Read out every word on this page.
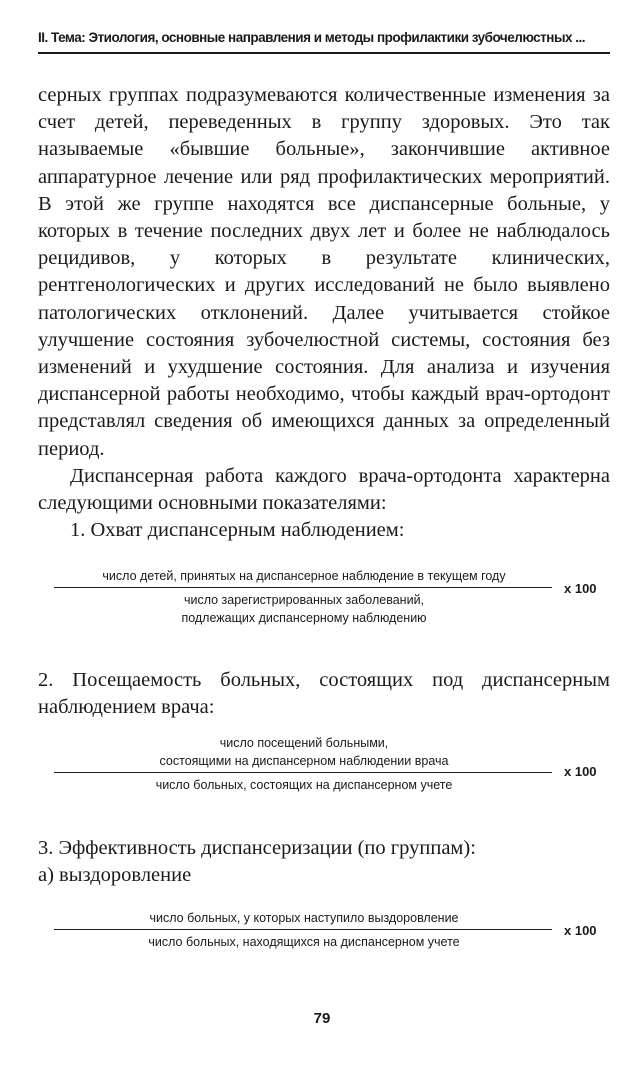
II. Тема: Этиология, основные направления и методы профилактики зубочелюстных ...

серных группах подразумеваются количественные изменения за счет детей, переведенных в группу здоровых. Это так называемые «бывшие больные», закончившие активное аппаратурное лечение или ряд профилактических мероприятий. В этой же группе находятся все диспансерные больные, у которых в течение последних двух лет и более не наблюдалось рецидивов, у которых в результате клинических, рентгенологических и других исследований не было выявлено патологических отклонений. Далее учитывается стойкое улучшение состояния зубочелюстной системы, состояния без изменений и ухудшение состояния. Для анализа и изучения диспансерной работы необходимо, чтобы каждый врач-ортодонт представлял сведения об имеющихся данных за определенный период.

Диспансерная работа каждого врача-ортодонта характерна следующими основными показателями:

1. Охват диспансерным наблюдением:

число детей, принятых на диспансерное наблюдение в текущем году
число зарегистрированных заболеваний,
подлежащих диспансерному наблюдению
х 100
2. Посещаемость больных, состоящих под диспансерным наблюдением врача:
число посещений больными,
состоящими на диспансерном наблюдении врача
число больных, состоящих на диспансерном учете
х 100
3. Эффективность диспансеризации (по группам):
а) выздоровление
число больных, у которых наступило выздоровление
число больных, находящихся на диспансерном учете
х 100
79
